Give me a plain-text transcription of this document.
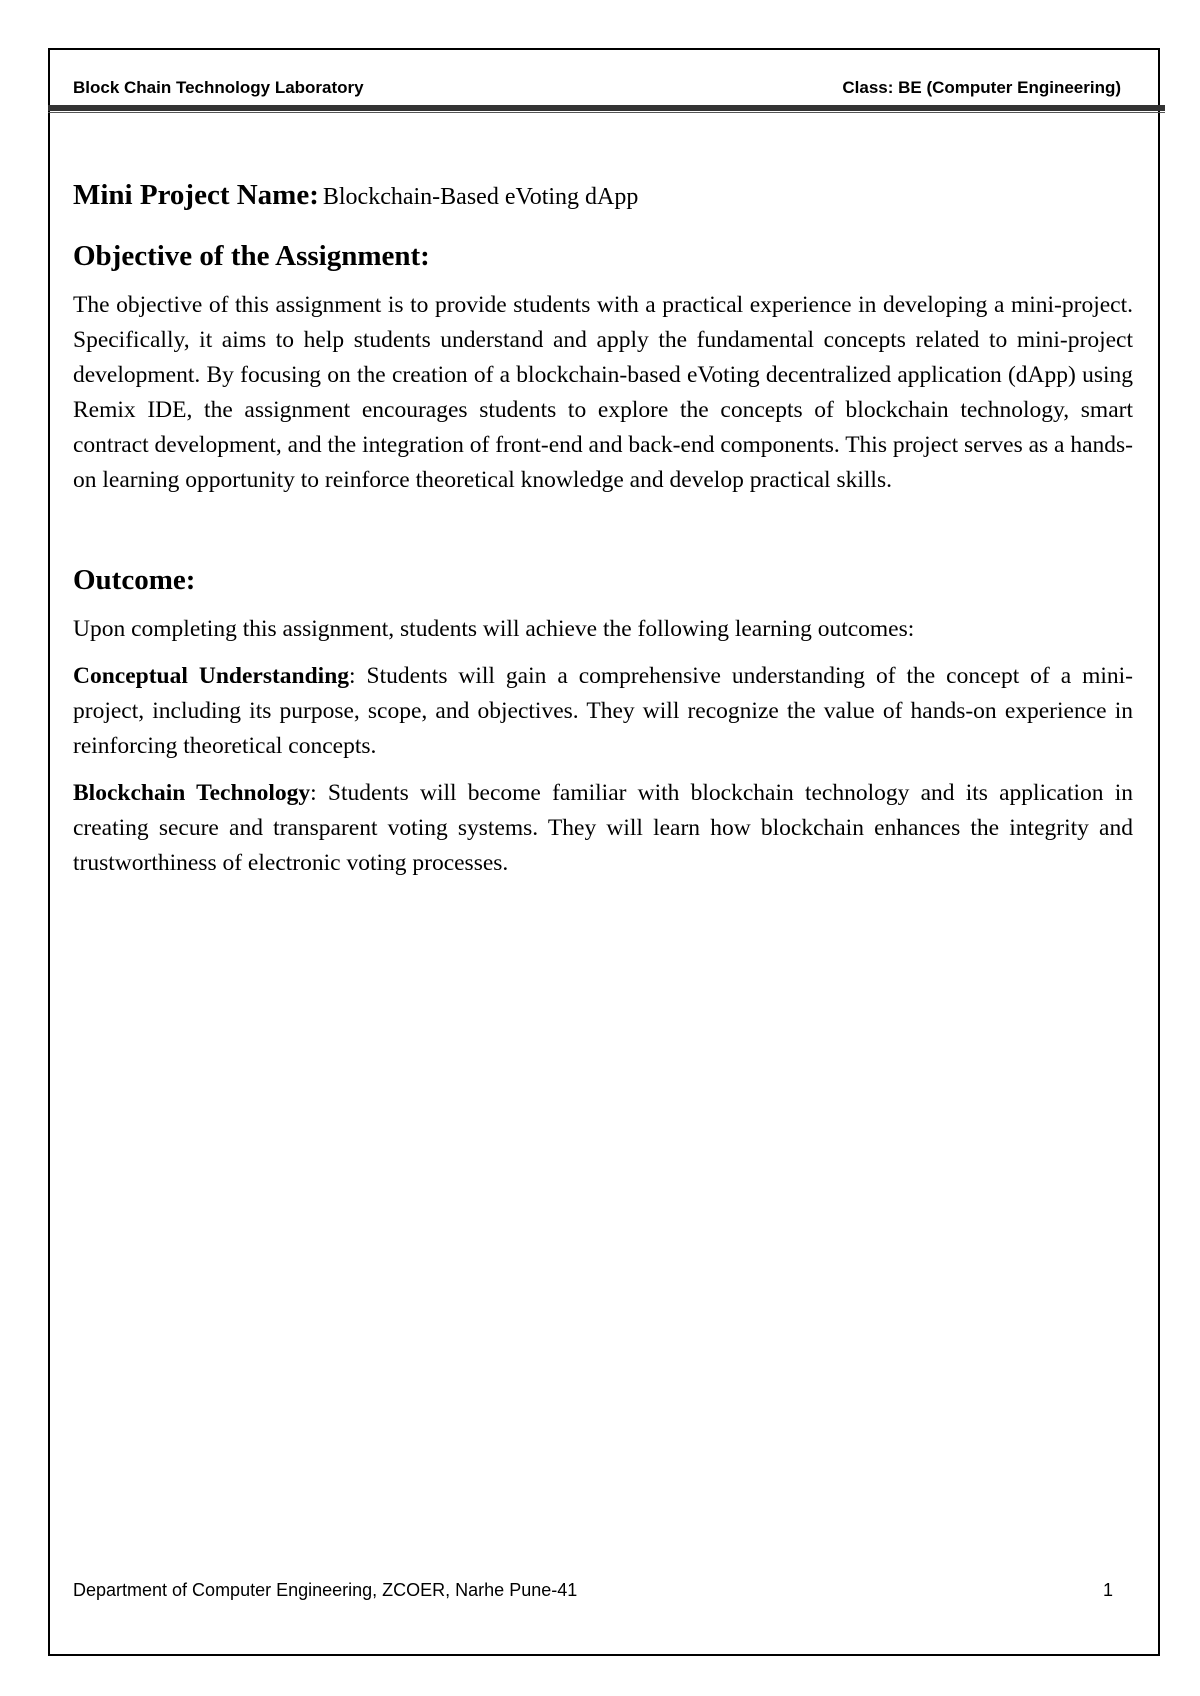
Block Chain Technology Laboratory	Class: BE (Computer Engineering)
Mini Project Name: Blockchain-Based eVoting dApp
Objective of the Assignment:

The objective of this assignment is to provide students with a practical experience in developing a mini-project. Specifically, it aims to help students understand and apply the fundamental concepts related to mini-project development. By focusing on the creation of a blockchain-based eVoting decentralized application (dApp) using Remix IDE, the assignment encourages students to explore the concepts of blockchain technology, smart contract development, and the integration of front-end and back-end components. This project serves as a hands-on learning opportunity to reinforce theoretical knowledge and develop practical skills.

Outcome:

Upon completing this assignment, students will achieve the following learning outcomes:

Conceptual Understanding: Students will gain a comprehensive understanding of the concept of a mini-project, including its purpose, scope, and objectives. They will recognize the value of hands-on experience in reinforcing theoretical concepts.

Blockchain Technology: Students will become familiar with blockchain technology and its application in creating secure and transparent voting systems. They will learn how blockchain enhances the integrity and trustworthiness of electronic voting processes.

Department of Computer Engineering, ZCOER, Narhe Pune-41	1
